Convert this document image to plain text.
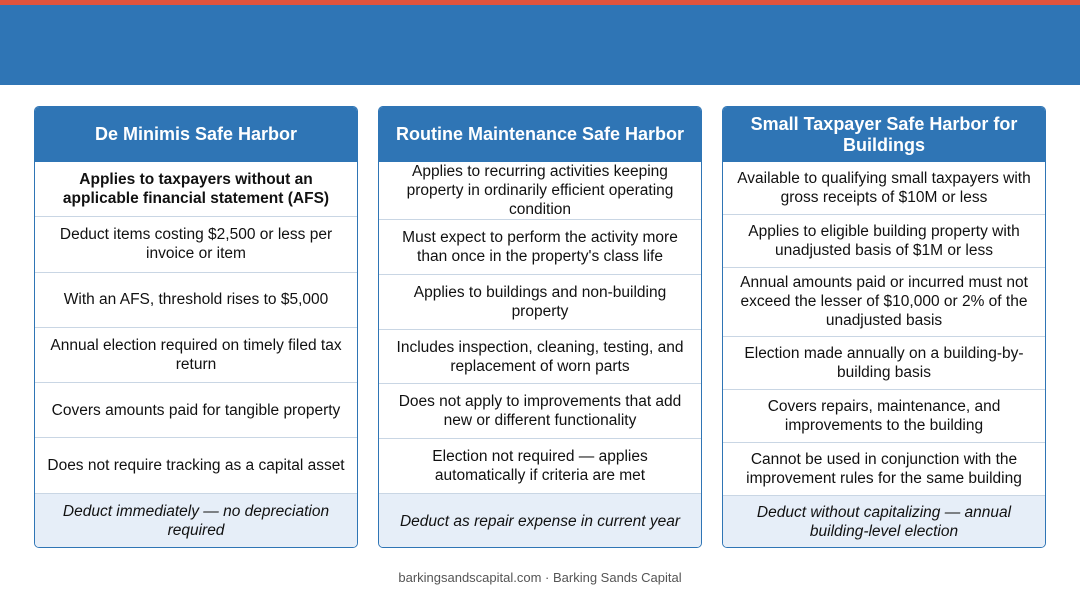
De Minimis Safe Harbor
Applies to taxpayers without an applicable financial statement (AFS)
Deduct items costing $2,500 or less per invoice or item
With an AFS, threshold rises to $5,000
Annual election required on timely filed tax return
Covers amounts paid for tangible property
Does not require tracking as a capital asset
Deduct immediately — no depreciation required
Routine Maintenance Safe Harbor
Applies to recurring activities keeping property in ordinarily efficient operating condition
Must expect to perform the activity more than once in the property's class life
Applies to buildings and non-building property
Includes inspection, cleaning, testing, and replacement of worn parts
Does not apply to improvements that add new or different functionality
Election not required — applies automatically if criteria are met
Deduct as repair expense in current year
Small Taxpayer Safe Harbor for Buildings
Available to qualifying small taxpayers with gross receipts of $10M or less
Applies to eligible building property with unadjusted basis of $1M or less
Annual amounts paid or incurred must not exceed the lesser of $10,000 or 2% of the unadjusted basis
Election made annually on a building-by-building basis
Covers repairs, maintenance, and improvements to the building
Cannot be used in conjunction with the improvement rules for the same building
Deduct without capitalizing — annual building-level election
barkingsandscapital.com · Barking Sands Capital
